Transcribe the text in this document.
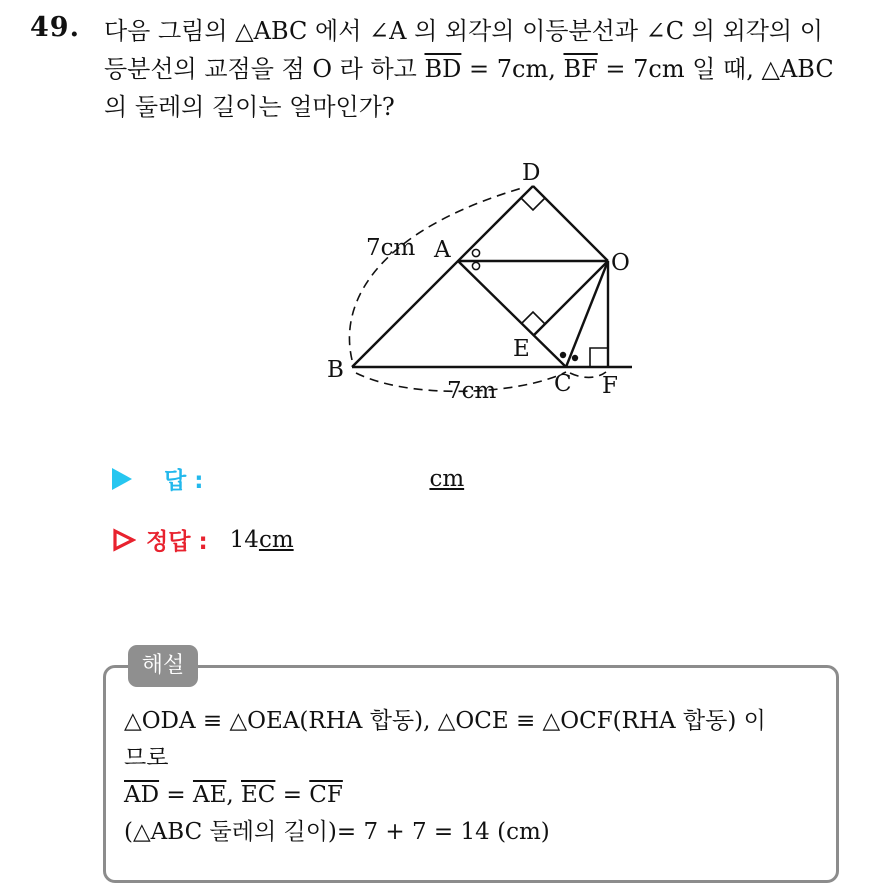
49. 다음 그림의 △ABC 에서 ∠A 의 외각의 이등분선과 ∠C 의 외각의 이
등분선의 교점을 점 O 라 하고 $\overline{BD} = 7cm$, $\overline{BF} = 7cm$ 일 때, △ABC
의 둘레의 길이는 얼마인가?
D
A	O
B
E
C F
7cm
7cm
답 :	cm
정답 : 14cm
해설
△ODA ≡ △OEA(RHA 합동), △OCE ≡ △OCF(RHA 합동) 이
므로
$\overline{AD} = \overline{AE}$, $\overline{EC} = \overline{CF}$
(△ABC 둘레의 길이)= 7 + 7 = 14 (cm)
